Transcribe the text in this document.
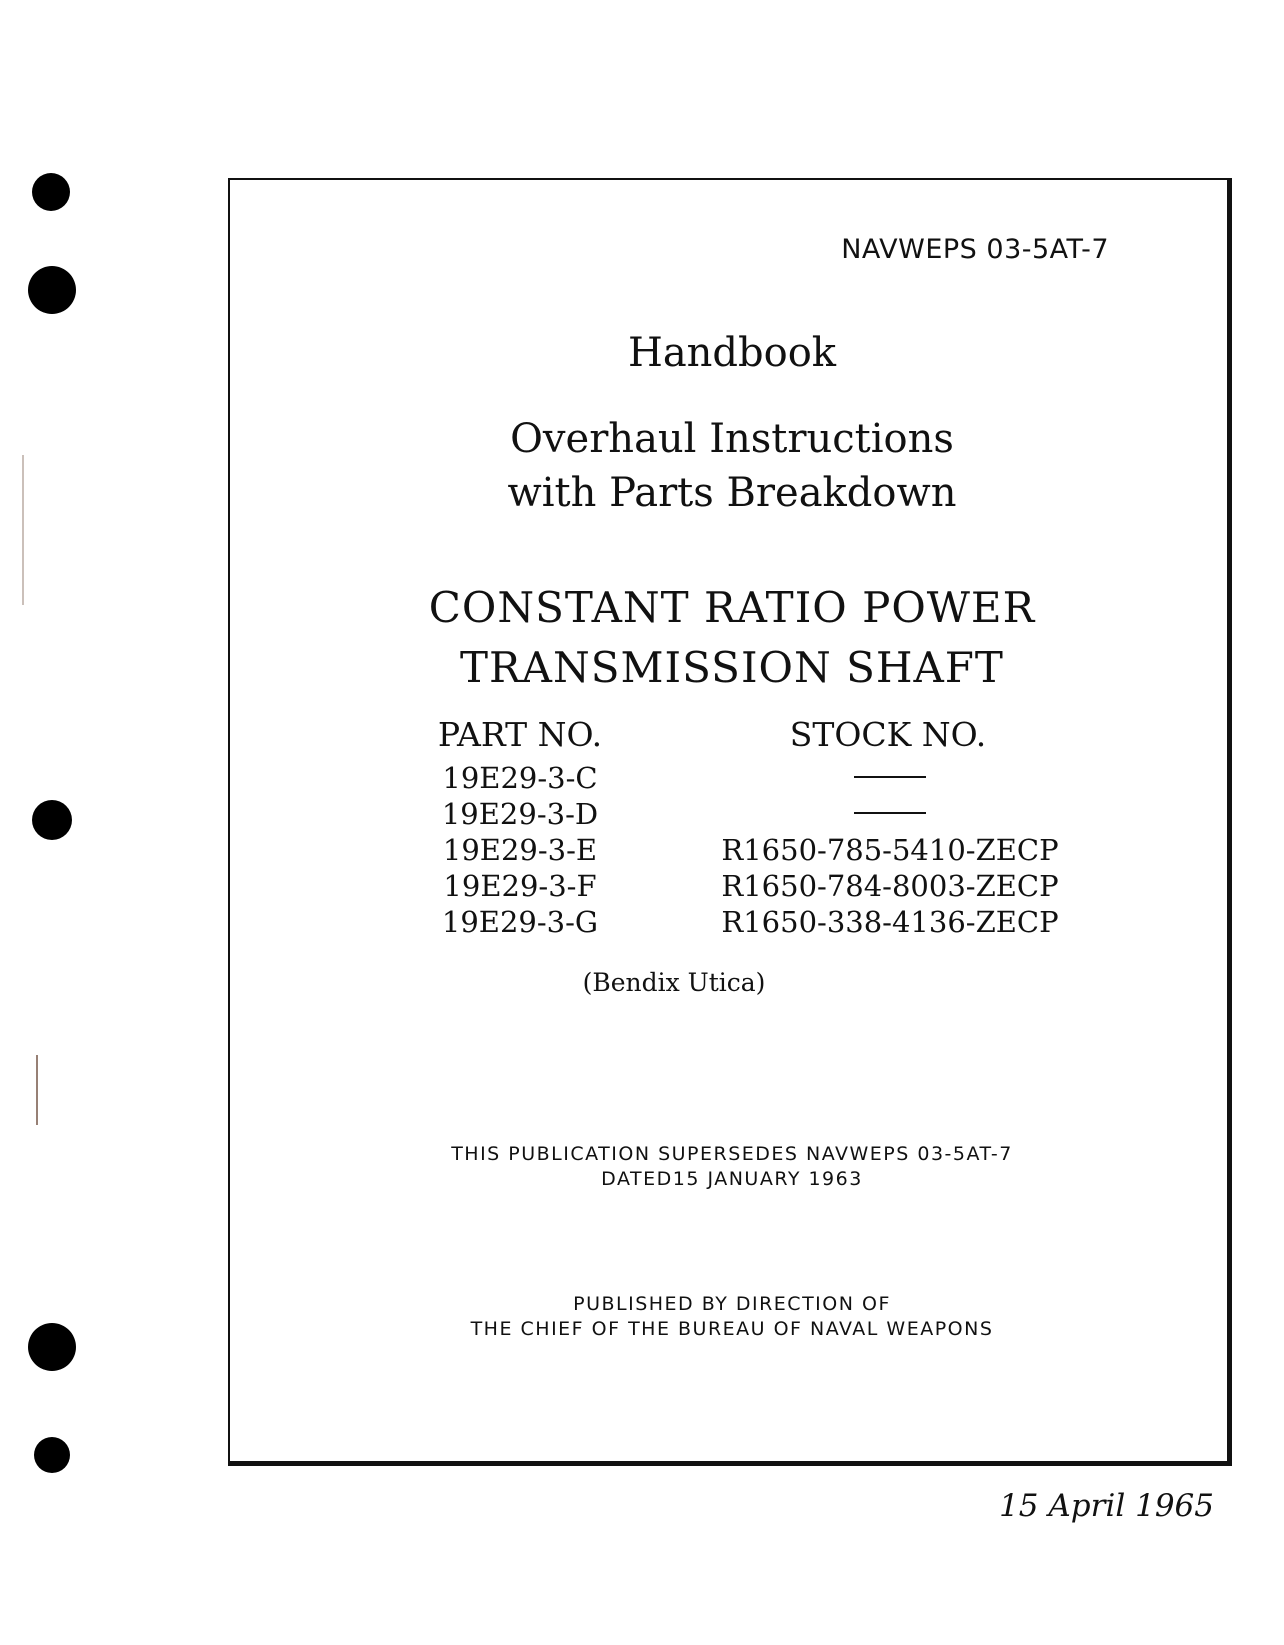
NAVWEPS 03-5AT-7
Handbook
Overhaul Instructions
with Parts Breakdown
CONSTANT RATIO POWER
TRANSMISSION SHAFT
PART NO.	STOCK NO.
19E29-3-C
19E29-3-D
19E29-3-E
19E29-3-F
19E29-3-G
R1650-785-5410-ZECP
R1650-784-8003-ZECP
R1650-338-4136-ZECP
(Bendix Utica)
THIS PUBLICATION SUPERSEDES NAVWEPS 03-5AT-7
DATED15 JANUARY 1963
PUBLISHED BY DIRECTION OF
THE CHIEF OF THE BUREAU OF NAVAL WEAPONS
15 April 1965
